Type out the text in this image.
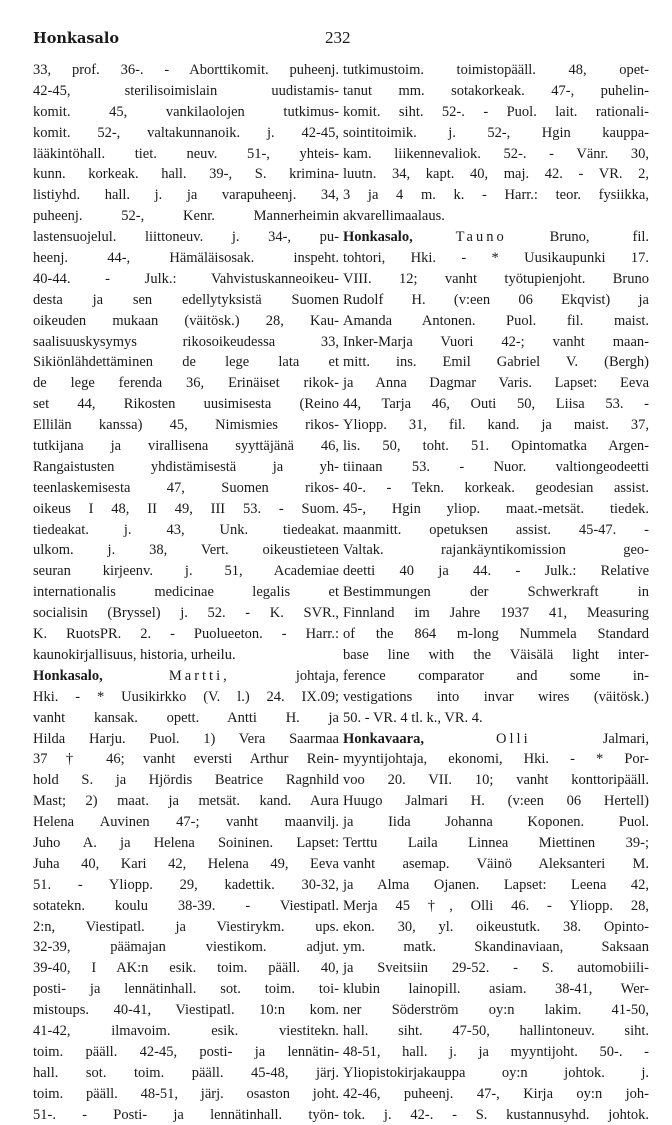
Honkasalo	232
33, prof. 36-. - Aborttikomit. puheenj.
42-45, sterilisoimislain uudistamis-
komit. 45, vankilaolojen tutkimus-
komit. 52-, valtakunnanoik. j. 42-45,
lääkintöhall. tiet. neuv. 51-, yhteis-
kunn. korkeak. hall. 39-, S. krimina-
listiyhd. hall. j. ja varapuheenj. 34,
puheenj. 52-, Kenr. Mannerheimin
lastensuojelul. liittoneuv. j. 34-, pu-
heenj. 44-, Hämäläisosak. inspeht.
40-44. - Julk.: Vahvistuskanneoikeu-
desta ja sen edellytyksistä Suomen
oikeuden mukaan (väitösk.) 28, Kau-
saalisuuskysymys rikosoikeudessa 33,
Sikiönlähdettäminen de lege lata et
de lege ferenda 36, Erinäiset rikok-
set 44, Rikosten uusimisesta (Reino
Ellilän kanssa) 45, Nimismies rikos-
tutkijana ja virallisena syyttäjänä 46,
Rangaistusten yhdistämisestä ja yh-
teenlaskemisesta 47, Suomen rikos-
oikeus I 48, II 49, III 53. - Suom.
tiedeakat. j. 43, Unk. tiedeakat.
ulkom. j. 38, Vert. oikeustieteen
seuran kirjeenv. j. 51, Academiae
internationalis medicinae legalis et
socialisin (Bryssel) j. 52. - K. SVR.,
K. RuotsPR. 2. - Puolueeton. - Harr.:
kaunokirjallisuus, historia, urheilu.
Honkasalo,	Martti,	johtaja,
Hki. - * Uusikirkko (V. l.) 24. IX.09;
vanht kansak. opett. Antti H. ja
Hilda Harju. Puol. 1) Vera Saarmaa
37 † 46; vanht eversti Arthur Rein-
hold S. ja Hjördis Beatrice Ragnhild
Mast; 2) maat. ja metsät. kand. Aura
Helena Auvinen 47-; vanht maanvilj.
Juho A. ja Helena Soininen. Lapset:
Juha 40, Kari 42, Helena 49, Eeva
51. - Yliopp. 29, kadettik. 30-32,
sotatekn. koulu 38-39. - Viestipatl.
2:n, Viestipatl. ja Viestirykm. ups.
32-39, päämajan viestikom. adjut.
39-40, I AK:n esik. toim. pääll. 40,
posti- ja lennätinhall. sot. toim. toi-
mistoups. 40-41, Viestipatl. 10:n kom.
41-42, ilmavoim. esik. viestitekn.
toim. pääll. 42-45, posti- ja lennätin-
hall. sot. toim. pääll. 45-48, järj.
toim. pääll. 48-51, järj. osaston joht.
51-. - Posti- ja lennätinhall. työn-
tutkimustoim. toimistopääll. 48, opet-
tanut mm. sotakorkeak. 47-, puhelin-
komit. siht. 52-. - Puol. lait. rationali-
sointitoimik. j. 52-, Hgin kauppa-
kam. liikennevaliok. 52-. - Vänr. 30,
luutn. 34, kapt. 40, maj. 42. - VR. 2,
3 ja 4 m. k. - Harr.: teor. fysiikka,
akvarellimaalaus.
Honkasalo,	Tauno	Bruno, fil.
tohtori, Hki. - * Uusikaupunki 17.
VIII. 12; vanht työtupienjoht. Bruno
Rudolf H. (v:een 06 Ekqvist) ja
Amanda Antonen. Puol. fil. maist.
Inker-Marja Vuori 42-; vanht maan-
mitt. ins. Emil Gabriel V. (Bergh)
ja Anna Dagmar Varis. Lapset: Eeva
44, Tarja 46, Outi 50, Liisa 53. -
Yliopp. 31, fil. kand. ja maist. 37,
lis. 50, toht. 51. Opintomatka Argen-
tiinaan 53. - Nuor. valtiongeodeetti
40-. - Tekn. korkeak. geodesian assist.
45-, Hgin yliop. maat.-metsät. tiedek.
maanmitt. opetuksen assist. 45-47. -
Valtak. rajankäyntikomission geo-
deetti 40 ja 44. - Julk.: Relative
Bestimmungen der Schwerkraft in
Finnland im Jahre 1937 41, Measuring
of the 864 m-long Nummela Standard
base line with the Väisälä light inter-
ference comparator and some in-
vestigations into invar wires (väitösk.)
50. - VR. 4 tl. k., VR. 4.
Honkavaara,	Olli	Jalmari,
myyntijohtaja, ekonomi, Hki. - * Por-
voo 20. VII. 10; vanht konttoripääll.
Huugo Jalmari H. (v:een 06 Hertell)
ja Iida Johanna Koponen. Puol.
Terttu Laila Linnea Miettinen 39-;
vanht asemap. Väinö Aleksanteri M.
ja Alma Ojanen. Lapset: Leena 42,
Merja 45 †, Olli 46. - Yliopp. 28,
ekon. 30, yl. oikeustutk. 38. Opinto-
ym. matk. Skandinaviaan, Saksaan
ja Sveitsiin 29-52. - S. automobiili-
klubin lainopill. asiam. 38-41, Wer-
ner Söderström oy:n lakim. 41-50,
hall. siht. 47-50, hallintoneuv. siht.
48-51, hall. j. ja myyntijoht. 50-. -
Yliopistokirjakauppa oy:n johtok. j.
42-46, puheenj. 47-, Kirja oy:n joh-
tok. j. 42-. - S. kustannusyhd. johtok.
